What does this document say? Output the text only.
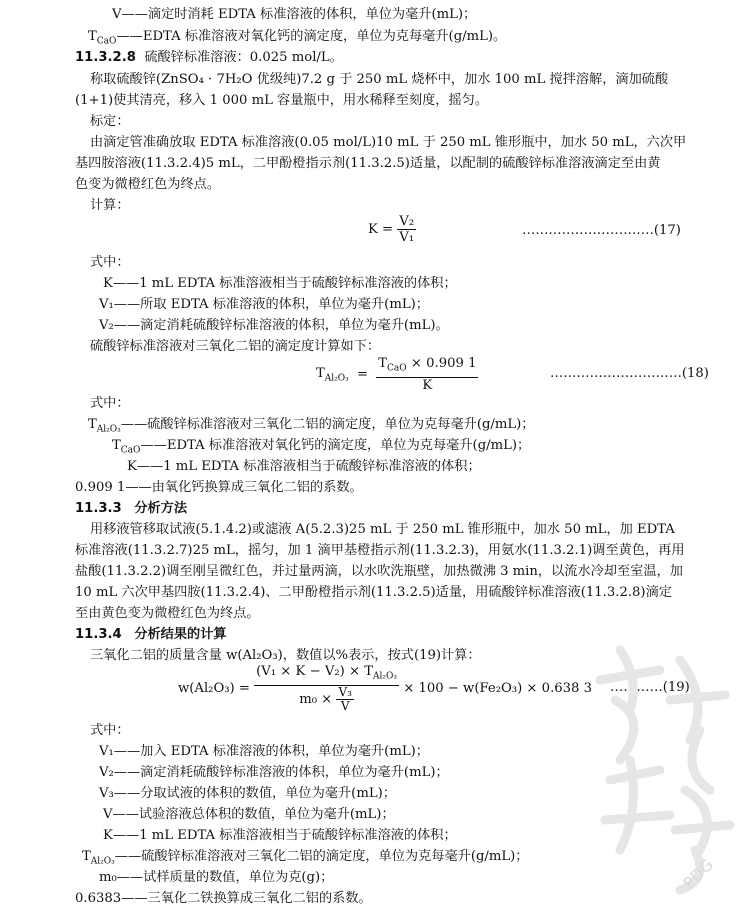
V——滴定时消耗 EDTA 标准溶液的体积，单位为毫升(mL)；
$T_{CaO}——EDTA$ 标准溶液对氧化钙的滴定度，单位为克每毫升(g/mL)。
11.3.2.8 硫酸锌标准溶液：0.025 mol/L。
称取硫酸锌(ZnSO₄ · 7H₂O 优级纯)7.2 g 于 250 mL 烧杯中，加水 100 mL 搅拌溶解，滴加硫酸
(1+1)使其清亮，移入 1 000 mL 容量瓶中，用水稀释至刻度，摇匀。
标定：
由滴定管准确放取 EDTA 标准溶液(0.05 mol/L)10 mL 于 250 mL 锥形瓶中，加水 50 mL，六次甲
基四胺溶液(11.3.2.4)5 mL，二甲酚橙指示剂(11.3.2.5)适量，以配制的硫酸锌标准溶液滴定至由黄
色变为微橙红色为终点。
计算：
$K = \frac{\text{V₂}}{\text{V₁}}$	…………………………(17)
式中：
K——1 mL EDTA 标准溶液相当于硫酸锌标准溶液的体积；
V₁——所取 EDTA 标准溶液的体积，单位为毫升(mL)；
V₂——滴定消耗硫酸锌标准溶液的体积，单位为毫升(mL)。
硫酸锌标准溶液对三氧化二铝的滴定度计算如下：
$T_{Al_2O_3} = \frac{T_{CaO} \times 0.909 1}{K}$	…………………………(18)
式中：
$T_{Al_2O_3}——$硫酸锌标准溶液对三氧化二铝的滴定度，单位为克每毫升(g/mL)；
$T_{CaO}——EDTA$ 标准溶液对氧化钙的滴定度，单位为克每毫升(g/mL)；
K——1 mL EDTA 标准溶液相当于硫酸锌标准溶液的体积；
0.909 1——由氧化钙换算成三氧化二铝的系数。
11.3.3 分析方法
用移液管移取试液(5.1.4.2)或滤液 A(5.2.3)25 mL 于 250 mL 锥形瓶中，加水 50 mL，加 EDTA
标准溶液(11.3.2.7)25 mL，摇匀，加 1 滴甲基橙指示剂(11.3.2.3)，用氨水(11.3.2.1)调至黄色，再用
盐酸(11.3.2.2)调至刚呈微红色，并过量两滴，以水吹洗瓶壁，加热微沸 3 min，以流水冷却至室温，加
10 mL 六次甲基四胺(11.3.2.4)、二甲酚橙指示剂(11.3.2.5)适量，用硫酸锌标准溶液(11.3.2.8)滴定
至由黄色变为微橙红色为终点。
11.3.4 分析结果的计算
三氧化二铝的质量含量 w(Al₂O₃)，数值以%表示，按式(19)计算：
$w(Al_2O_3) = \frac{(V_1 \times K - V_2) \times T_{Al_2O_3}}{m_0 \times \frac{\text{V₃}}{V}} \times 100 - w(Fe_2O_3) \times 0.638$ 3 …………(19)
式中：
V₁——加入 EDTA 标准溶液的体积，单位为毫升(mL)；
V₂——滴定消耗硫酸锌标准溶液的体积，单位为毫升(mL)；
V₃——分取试液的体积的数值，单位为毫升(mL)；
V——试验溶液总体积的数值，单位为毫升(mL)；
K——1 mL EDTA 标准溶液相当于硫酸锌标准溶液的体积；
$T_{Al_2O_3}——$硫酸锌标准溶液对三氧化二铝的滴定度，单位为克每毫升(g/mL)；
m₀——试样质量的数值，单位为克(g)；
0.6383——三氧化二铁换算成三氧化二铝的系数。
PDG
